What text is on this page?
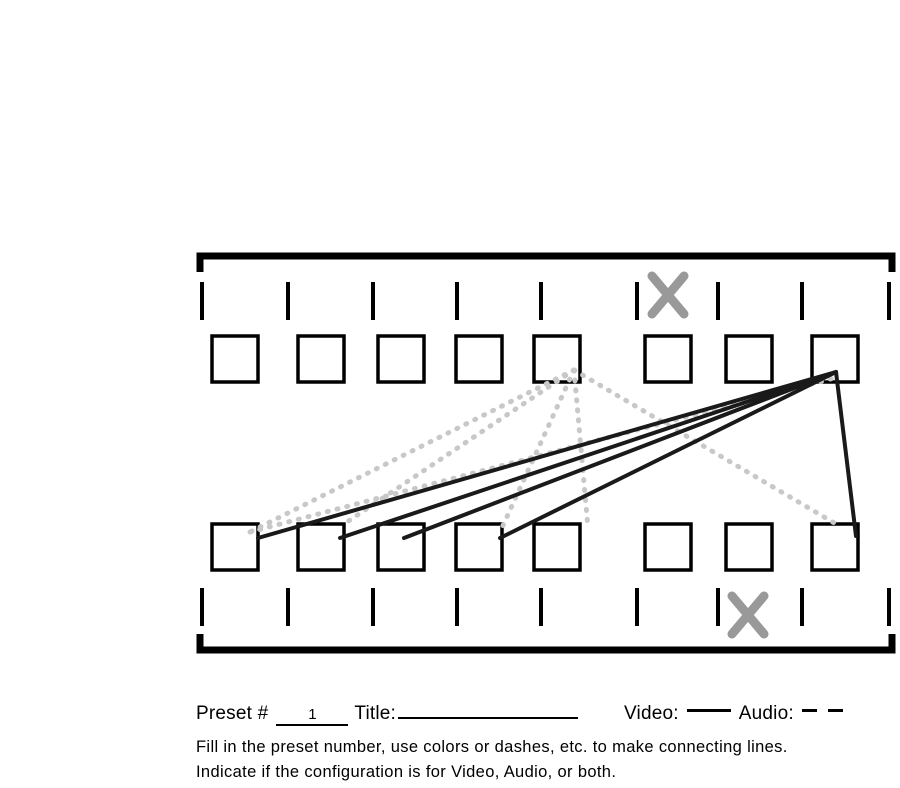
Preset #	1	Title:	Video:	Audio:
Fill in the preset number, use colors or dashes, etc. to make connecting lines.
Indicate if the configuration is for Video, Audio, or both.
